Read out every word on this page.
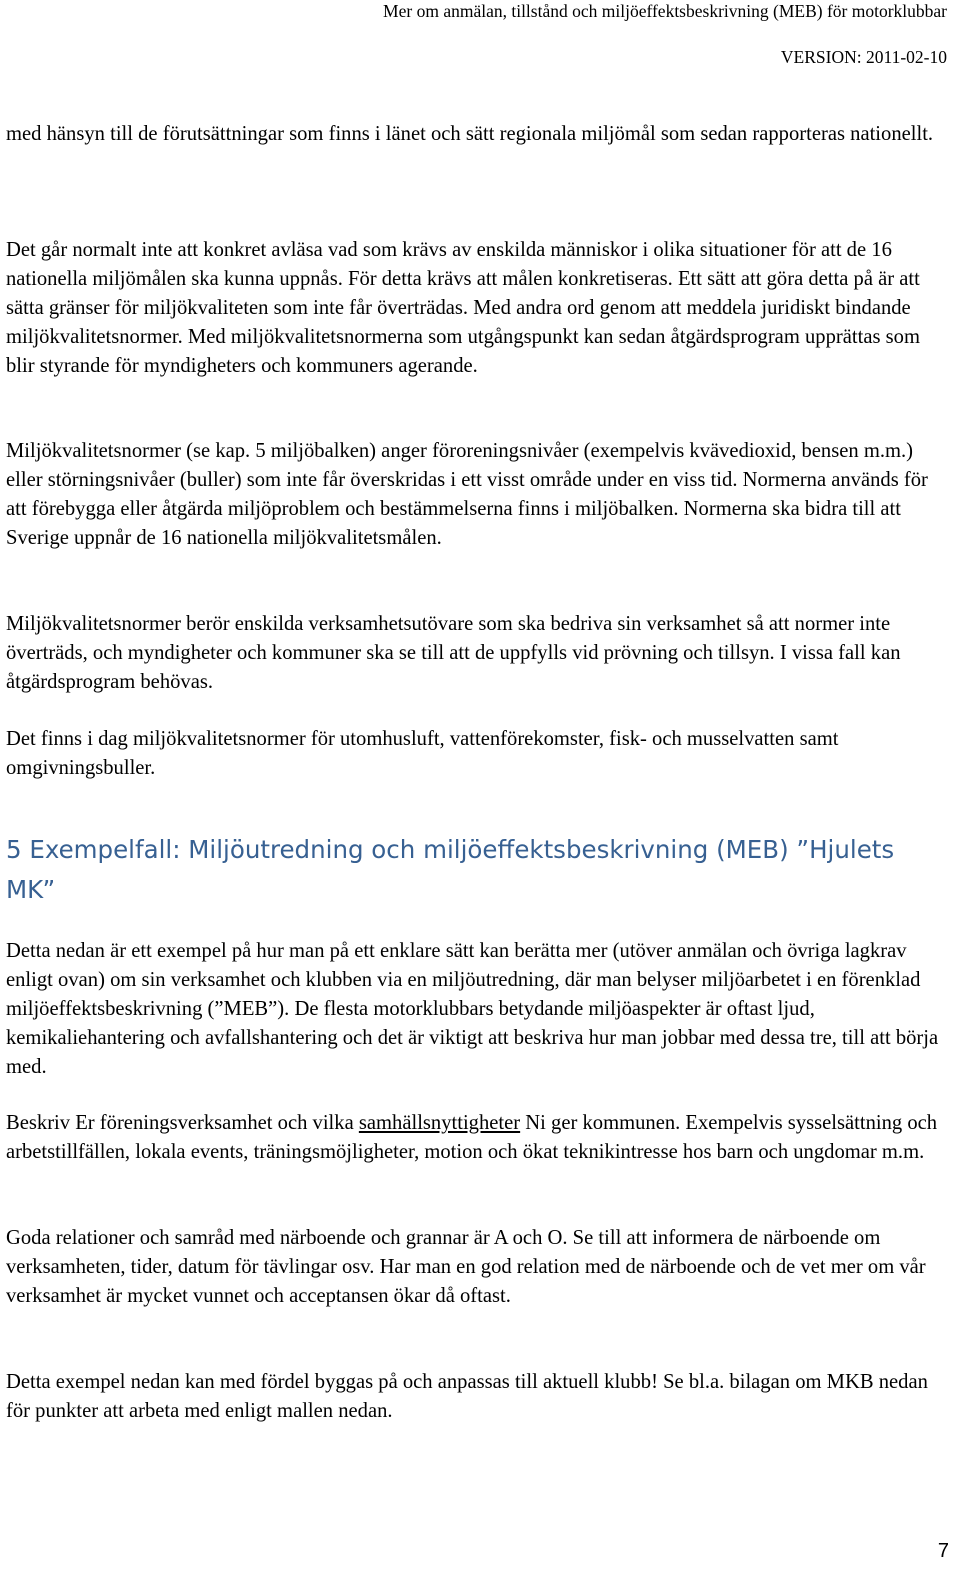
Mer om anmälan, tillstånd och miljöeffektsbeskrivning (MEB) för motorklubbar
VERSION: 2011-02-10

med hänsyn till de förutsättningar som finns i länet och sätt regionala miljömål som sedan rapporteras nationellt.

Det går normalt inte att konkret avläsa vad som krävs av enskilda människor i olika situationer för att de 16 nationella miljömålen ska kunna uppnås. För detta krävs att målen konkretiseras. Ett sätt att göra detta på är att sätta gränser för miljökvaliteten som inte får överträdas. Med andra ord genom att meddela juridiskt bindande miljökvalitetsnormer. Med miljökvalitetsnormerna som utgångspunkt kan sedan åtgärdsprogram upprättas som blir styrande för myndigheters och kommuners agerande.

Miljökvalitetsnormer (se kap. 5 miljöbalken) anger föroreningsnivåer (exempelvis kvävedioxid, bensen m.m.) eller störningsnivåer (buller) som inte får överskridas i ett visst område under en viss tid. Normerna används för att förebygga eller åtgärda miljöproblem och bestämmelserna finns i miljöbalken. Normerna ska bidra till att Sverige uppnår de 16 nationella miljökvalitetsmålen.

Miljökvalitetsnormer berör enskilda verksamhetsutövare som ska bedriva sin verksamhet så att normer inte överträds, och myndigheter och kommuner ska se till att de uppfylls vid prövning och tillsyn. I vissa fall kan åtgärdsprogram behövas.

Det finns i dag miljökvalitetsnormer för utomhusluft, vattenförekomster, fisk- och musselvatten samt omgivningsbuller.

5 Exempelfall: Miljöutredning och miljöeffektsbeskrivning (MEB) ”Hjulets MK”

Detta nedan är ett exempel på hur man på ett enklare sätt kan berätta mer (utöver anmälan och övriga lagkrav enligt ovan) om sin verksamhet och klubben via en miljöutredning, där man belyser miljöarbetet i en förenklad miljöeffektsbeskrivning (”MEB”). De flesta motorklubbars betydande miljöaspekter är oftast ljud, kemikaliehantering och avfallshantering och det är viktigt att beskriva hur man jobbar med dessa tre, till att börja med.

Beskriv Er föreningsverksamhet och vilka samhällsnyttigheter Ni ger kommunen. Exempelvis sysselsättning och arbetstillfällen, lokala events, träningsmöjligheter, motion och ökat teknikintresse hos barn och ungdomar m.m.

Goda relationer och samråd med närboende och grannar är A och O. Se till att informera de närboende om verksamheten, tider, datum för tävlingar osv. Har man en god relation med de närboende och de vet mer om vår verksamhet är mycket vunnet och acceptansen ökar då oftast.

Detta exempel nedan kan med fördel byggas på och anpassas till aktuell klubb! Se bl.a. bilagan om MKB nedan för punkter att arbeta med enligt mallen nedan.

7
